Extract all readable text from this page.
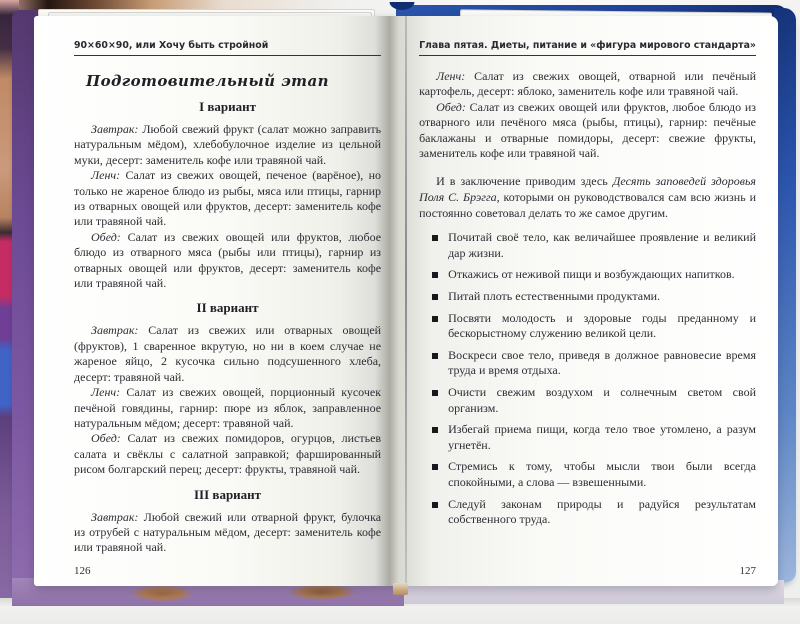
90×60×90, или Хочу быть стройной
Подготовительный этап
I вариант

Завтрак: Любой свежий фрукт (салат можно заправить натуральным мёдом), хлебобулочное изделие из цельной муки, десерт: заменитель кофе или травяной чай.

Ленч: Салат из свежих овощей, печеное (варёное), но только не жареное блюдо из рыбы, мяса или птицы, гарнир из отварных овощей или фруктов, десерт: заменитель кофе или травяной чай.

Обед: Салат из свежих овощей или фруктов, любое блюдо из отварного мяса (рыбы или птицы), гарнир из отварных овощей или фруктов, десерт: заменитель кофе или травяной чай.

II вариант

Завтрак: Салат из свежих или отварных овощей (фруктов), 1 сваренное вкрутую, но ни в коем случае не жареное яйцо, 2 кусочка сильно подсушенного хлеба, десерт: травяной чай.

Ленч: Салат из свежих овощей, порционный кусочек печёной говядины, гарнир: пюре из яблок, заправленное натуральным мёдом; десерт: травяной чай.

Обед: Салат из свежих помидоров, огурцов, листьев салата и свёклы с салатной заправкой; фаршированный рисом болгарский перец; десерт: фрукты, травяной чай.

III вариант

Завтрак: Любой свежий или отварной фрукт, булочка из отрубей с натуральным мёдом, десерт: заменитель кофе или травяной чай.

126
Глава пятая. Диеты, питание и «фигура мирового стандарта»

Ленч: Салат из свежих овощей, отварной или печёный картофель, десерт: яблоко, заменитель кофе или травяной чай.

Обед: Салат из свежих овощей или фруктов, любое блюдо из отварного или печёного мяса (рыбы, птицы), гарнир: печёные баклажаны и отварные помидоры, десерт: свежие фрукты, заменитель кофе или травяной чай.

И в заключение приводим здесь Десять заповедей здоровья Поля С. Брэгга, которыми он руководствовался сам всю жизнь и постоянно советовал делать то же самое другим.

Почитай своё тело, как величайшее проявление и великий дар жизни.
Откажись от неживой пищи и возбуждающих напитков.
Питай плоть естественными продуктами.
Посвяти молодость и здоровые годы преданному и бескорыстному служению великой цели.
Воскреси свое тело, приведя в должное равновесие время труда и время отдыха.
Очисти свежим воздухом и солнечным светом свой организм.
Избегай приема пищи, когда тело твое утомлено, а разум угнетён.
Стремись к тому, чтобы мысли твои были всегда спокойными, а слова — взвешенными.
Следуй законам природы и радуйся результатам собственного труда.
127
